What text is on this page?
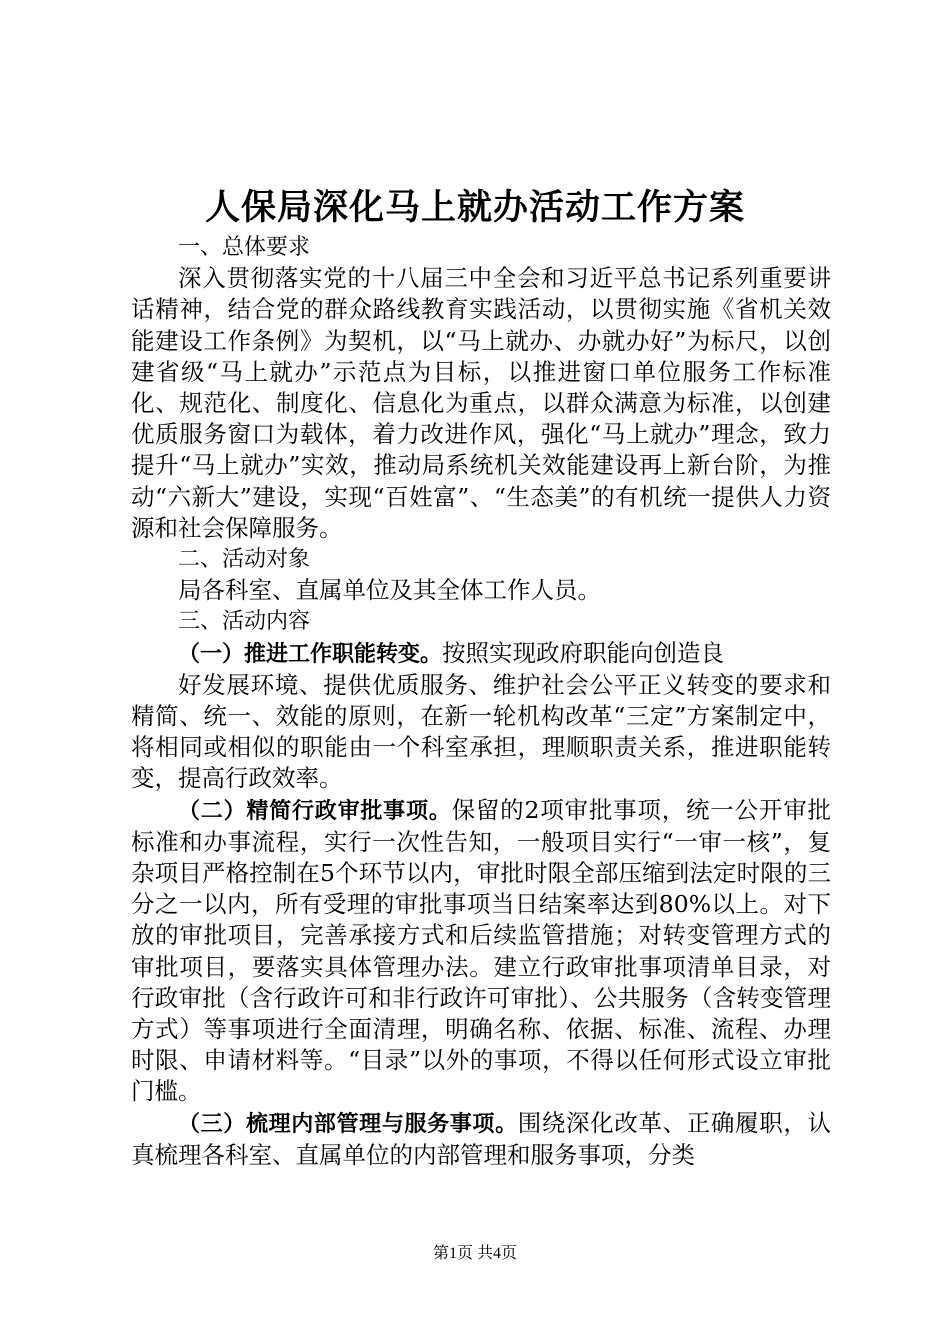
人保局深化马上就办活动工作方案

一、总体要求

深入贯彻落实党的十八届三中全会和习近平总书记系列重要讲话精神，结合党的群众路线教育实践活动，以贯彻实施《省机关效能建设工作条例》为契机，以“马上就办、办就办好”为标尺，以创建省级“马上就办”示范点为目标，以推进窗口单位服务工作标准化、规范化、制度化、信息化为重点，以群众满意为标准，以创建优质服务窗口为载体，着力改进作风，强化“马上就办”理念，致力提升“马上就办”实效，推动局系统机关效能建设再上新台阶，为推动“六新大”建设，实现“百姓富”、“生态美”的有机统一提供人力资源和社会保障服务。

二、活动对象

局各科室、直属单位及其全体工作人员。

三、活动内容

（一）推进工作职能转变。按照实现政府职能向创造良

好发展环境、提供优质服务、维护社会公平正义转变的要求和精简、统一、效能的原则，在新一轮机构改革“三定”方案制定中，将相同或相似的职能由一个科室承担，理顺职责关系，推进职能转变，提高行政效率。

（二）精简行政审批事项。保留的2项审批事项，统一公开审批标准和办事流程，实行一次性告知，一般项目实行“一审一核”，复杂项目严格控制在5个环节以内，审批时限全部压缩到法定时限的三分之一以内，所有受理的审批事项当日结案率达到80%以上。对下放的审批项目，完善承接方式和后续监管措施；对转变管理方式的审批项目，要落实具体管理办法。建立行政审批事项清单目录，对行政审批（含行政许可和非行政许可审批）、公共服务（含转变管理方式）等事项进行全面清理，明确名称、依据、标准、流程、办理时限、申请材料等。“目录”以外的事项，不得以任何形式设立审批门槛。

（三）梳理内部管理与服务事项。围绕深化改革、正确履职，认真梳理各科室、直属单位的内部管理和服务事项，分类

第1页 共4页
